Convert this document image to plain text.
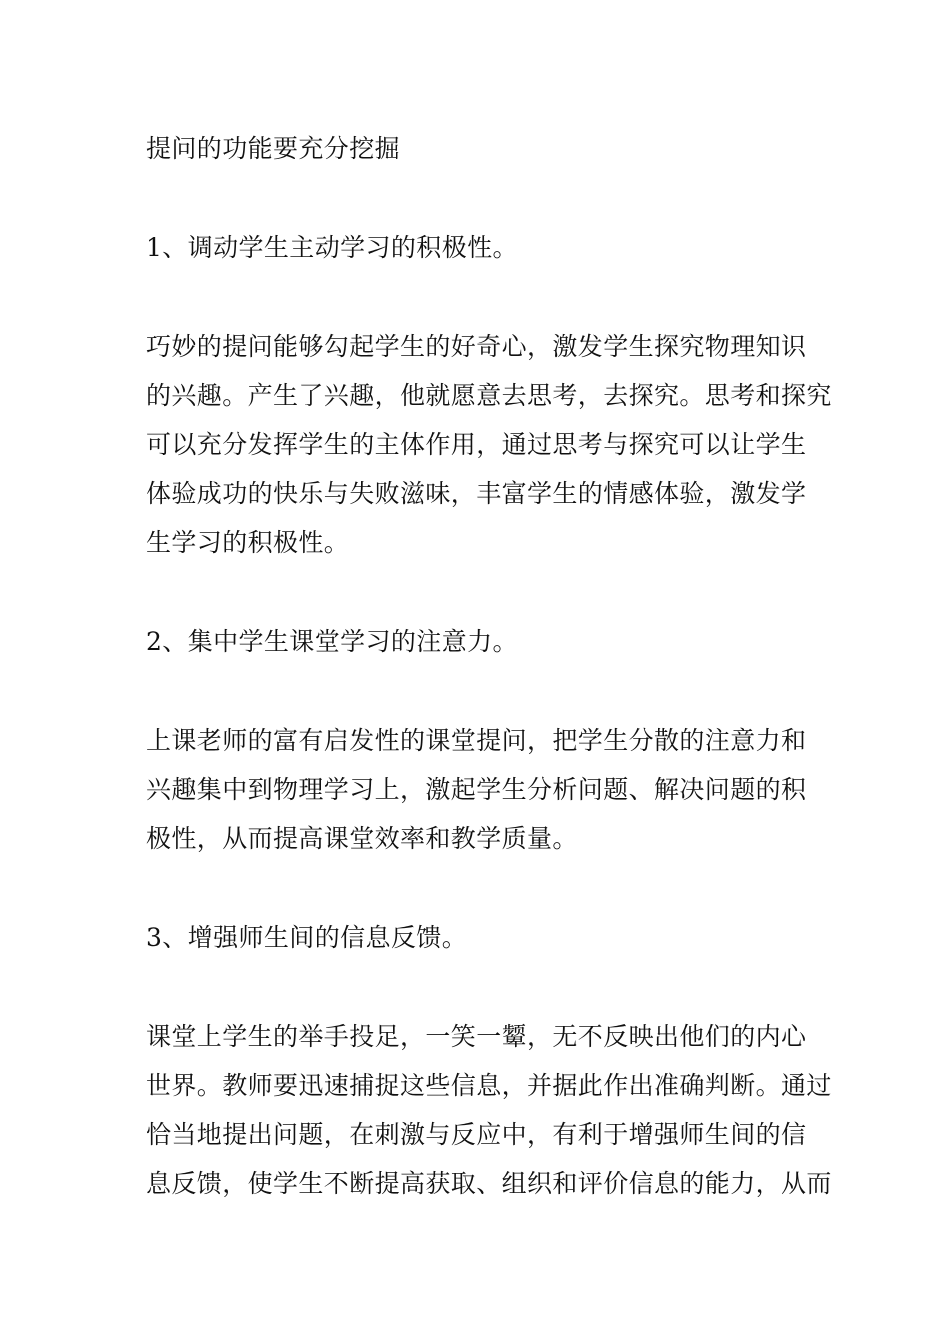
提问的功能要充分挖掘

1、调动学生主动学习的积极性。

巧妙的提问能够勾起学生的好奇心，激发学生探究物理知识

的兴趣。产生了兴趣，他就愿意去思考，去探究。思考和探究

可以充分发挥学生的主体作用，通过思考与探究可以让学生

体验成功的快乐与失败滋味，丰富学生的情感体验，激发学

生学习的积极性。

2、集中学生课堂学习的注意力。

上课老师的富有启发性的课堂提问，把学生分散的注意力和

兴趣集中到物理学习上，激起学生分析问题、解决问题的积

极性，从而提高课堂效率和教学质量。

3、增强师生间的信息反馈。

课堂上学生的举手投足，一笑一颦，无不反映出他们的内心

世界。教师要迅速捕捉这些信息，并据此作出准确判断。通过

恰当地提出问题，在刺激与反应中，有利于增强师生间的信

息反馈，使学生不断提高获取、组织和评价信息的能力，从而
